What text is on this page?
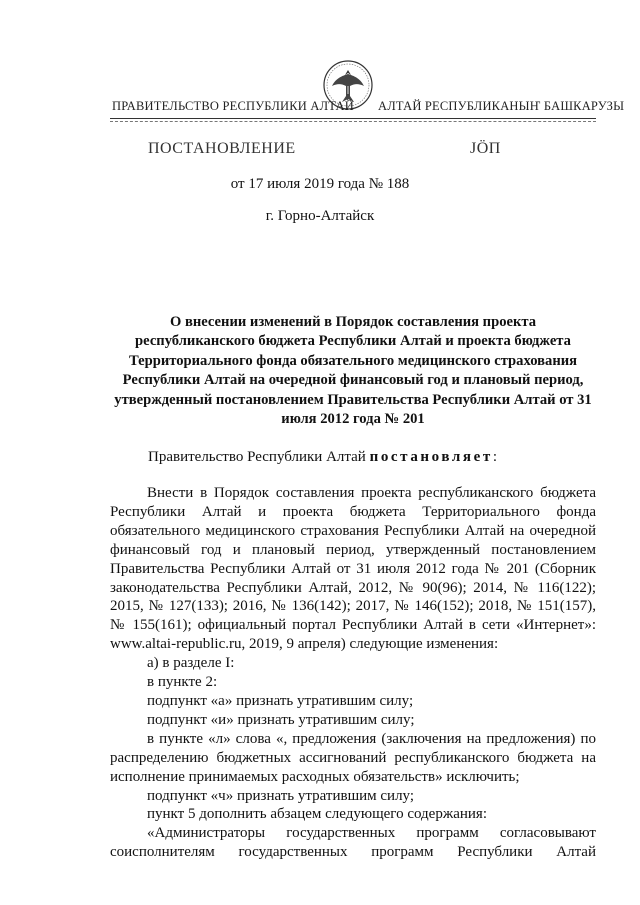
ПРАВИТЕЛЬСТВО РЕСПУБЛИКИ АЛТАЙ АЛТАЙ РЕСПУБЛИКАНЫҤ БАШКАРУЗЫ
ПОСТАНОВЛЕНИЕ	ЈӦП
от 17 июля 2019 года № 188
г. Горно-Алтайск
О внесении изменений в Порядок составления проекта республиканского бюджета Республики Алтай и проекта бюджета Территориального фонда обязательного медицинского страхования Республики Алтай на очередной финансовый год и плановый период, утвержденный постановлением Правительства Республики Алтай от 31 июля 2012 года № 201
Правительство Республики Алтай постановляет:

Внести в Порядок составления проекта республиканского бюджета Республики Алтай и проекта бюджета Территориального фонда обязательного медицинского страхования Республики Алтай на очередной финансовый год и плановый период, утвержденный постановлением Правительства Республики Алтай от 31 июля 2012 года № 201 (Сборник законодательства Республики Алтай, 2012, № 90(96); 2014, № 116(122); 2015, № 127(133); 2016, № 136(142); 2017, № 146(152); 2018, № 151(157), № 155(161); официальный портал Республики Алтай в сети «Интернет»: www.altai-republic.ru, 2019, 9 апреля) следующие изменения:

а) в разделе I:

в пункте 2:

подпункт «а» признать утратившим силу;

подпункт «и» признать утратившим силу;

в пункте «л» слова «, предложения (заключения на предложения) по распределению бюджетных ассигнований республиканского бюджета на исполнение принимаемых расходных обязательств» исключить;

подпункт «ч» признать утратившим силу;

пункт 5 дополнить абзацем следующего содержания:

«Администраторы государственных программ согласовывают соисполнителям государственных программ Республики Алтай
